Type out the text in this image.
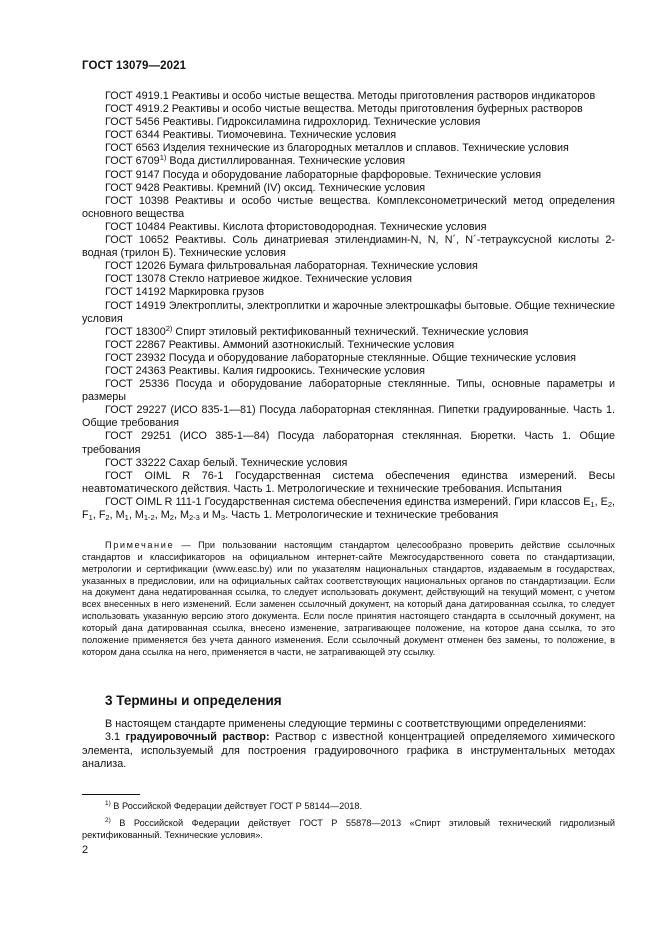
ГОСТ 13079—2021

ГОСТ 4919.1 Реактивы и особо чистые вещества. Методы приготовления растворов индикаторов

ГОСТ 4919.2 Реактивы и особо чистые вещества. Методы приготовления буферных растворов

ГОСТ 5456 Реактивы. Гидроксиламина гидрохлорид. Технические условия

ГОСТ 6344 Реактивы. Тиомочевина. Технические условия

ГОСТ 6563 Изделия технические из благородных металлов и сплавов. Технические условия

ГОСТ 6709$^{1)}$ Вода дистиллированная. Технические условия

ГОСТ 9147 Посуда и оборудование лабораторные фарфоровые. Технические условия

ГОСТ 9428 Реактивы. Кремний (IV) оксид. Технические условия

ГОСТ 10398 Реактивы и особо чистые вещества. Комплексонометрический метод определения основного вещества

ГОСТ 10484 Реактивы. Кислота фтористоводородная. Технические условия

ГОСТ 10652 Реактивы. Соль динатриевая этилендиамин-N, N, N´, N´-тетрауксусной кислоты 2-водная (трилон Б). Технические условия

ГОСТ 12026 Бумага фильтровальная лабораторная. Технические условия

ГОСТ 13078 Стекло натриевое жидкое. Технические условия

ГОСТ 14192 Маркировка грузов

ГОСТ 14919 Электроплиты, электроплитки и жарочные электрошкафы бытовые. Общие технические условия

ГОСТ 18300$^{2)}$ Спирт этиловый ректификованный технический. Технические условия

ГОСТ 22867 Реактивы. Аммоний азотнокислый. Технические условия

ГОСТ 23932 Посуда и оборудование лабораторные стеклянные. Общие технические условия

ГОСТ 24363 Реактивы. Калия гидроокись. Технические условия

ГОСТ 25336 Посуда и оборудование лабораторные стеклянные. Типы, основные параметры и размеры

ГОСТ 29227 (ИСО 835-1—81) Посуда лабораторная стеклянная. Пипетки градуированные. Часть 1. Общие требования

ГОСТ 29251 (ИСО 385-1—84) Посуда лабораторная стеклянная. Бюретки. Часть 1. Общие требования

ГОСТ 33222 Сахар белый. Технические условия

ГОСТ OIML R 76-1 Государственная система обеспечения единства измерений. Весы неавтоматического действия. Часть 1. Метрологические и технические требования. Испытания

ГОСТ OIML R 111-1 Государственная система обеспечения единства измерений. Гири классов $E_1$, $E_2$, $F_1$, $F_2$, $M_1$, $M_{1-2}$, $M_2$, $M_{2-3}$ и $M_3$. Часть 1. Метрологические и технические требования

Примечание — При пользовании настоящим стандартом целесообразно проверить действие ссылочных стандартов и классификаторов на официальном интернет-сайте Межгосударственного совета по стандартизации, метрологии и сертификации (www.easc.by) или по указателям национальных стандартов, издаваемым в государствах, указанных в предисловии, или на официальных сайтах соответствующих национальных органов по стандартизации. Если на документ дана недатированная ссылка, то следует использовать документ, действующий на текущий момент, с учетом всех внесенных в него изменений. Если заменен ссылочный документ, на который дана датированная ссылка, то следует использовать указанную версию этого документа. Если после принятия настоящего стандарта в ссылочный документ, на который дана датированная ссылка, внесено изменение, затрагивающее положение, на которое дана ссылка, то это положение применяется без учета данного изменения. Если ссылочный документ отменен без замены, то положение, в котором дана ссылка на него, применяется в части, не затрагивающей эту ссылку.
3 Термины и определения

В настоящем стандарте применены следующие термины с соответствующими определениями:

3.1 градуировочный раствор: Раствор с известной концентрацией определяемого химического элемента, используемый для построения градуировочного графика в инструментальных методах анализа.

$^{1)}$ В Российской Федерации действует ГОСТ Р 58144—2018.

$^{2)}$ В Российской Федерации действует ГОСТ Р 55878—2013 «Спирт этиловый технический гидролизный ректификованный. Технические условия».

2
